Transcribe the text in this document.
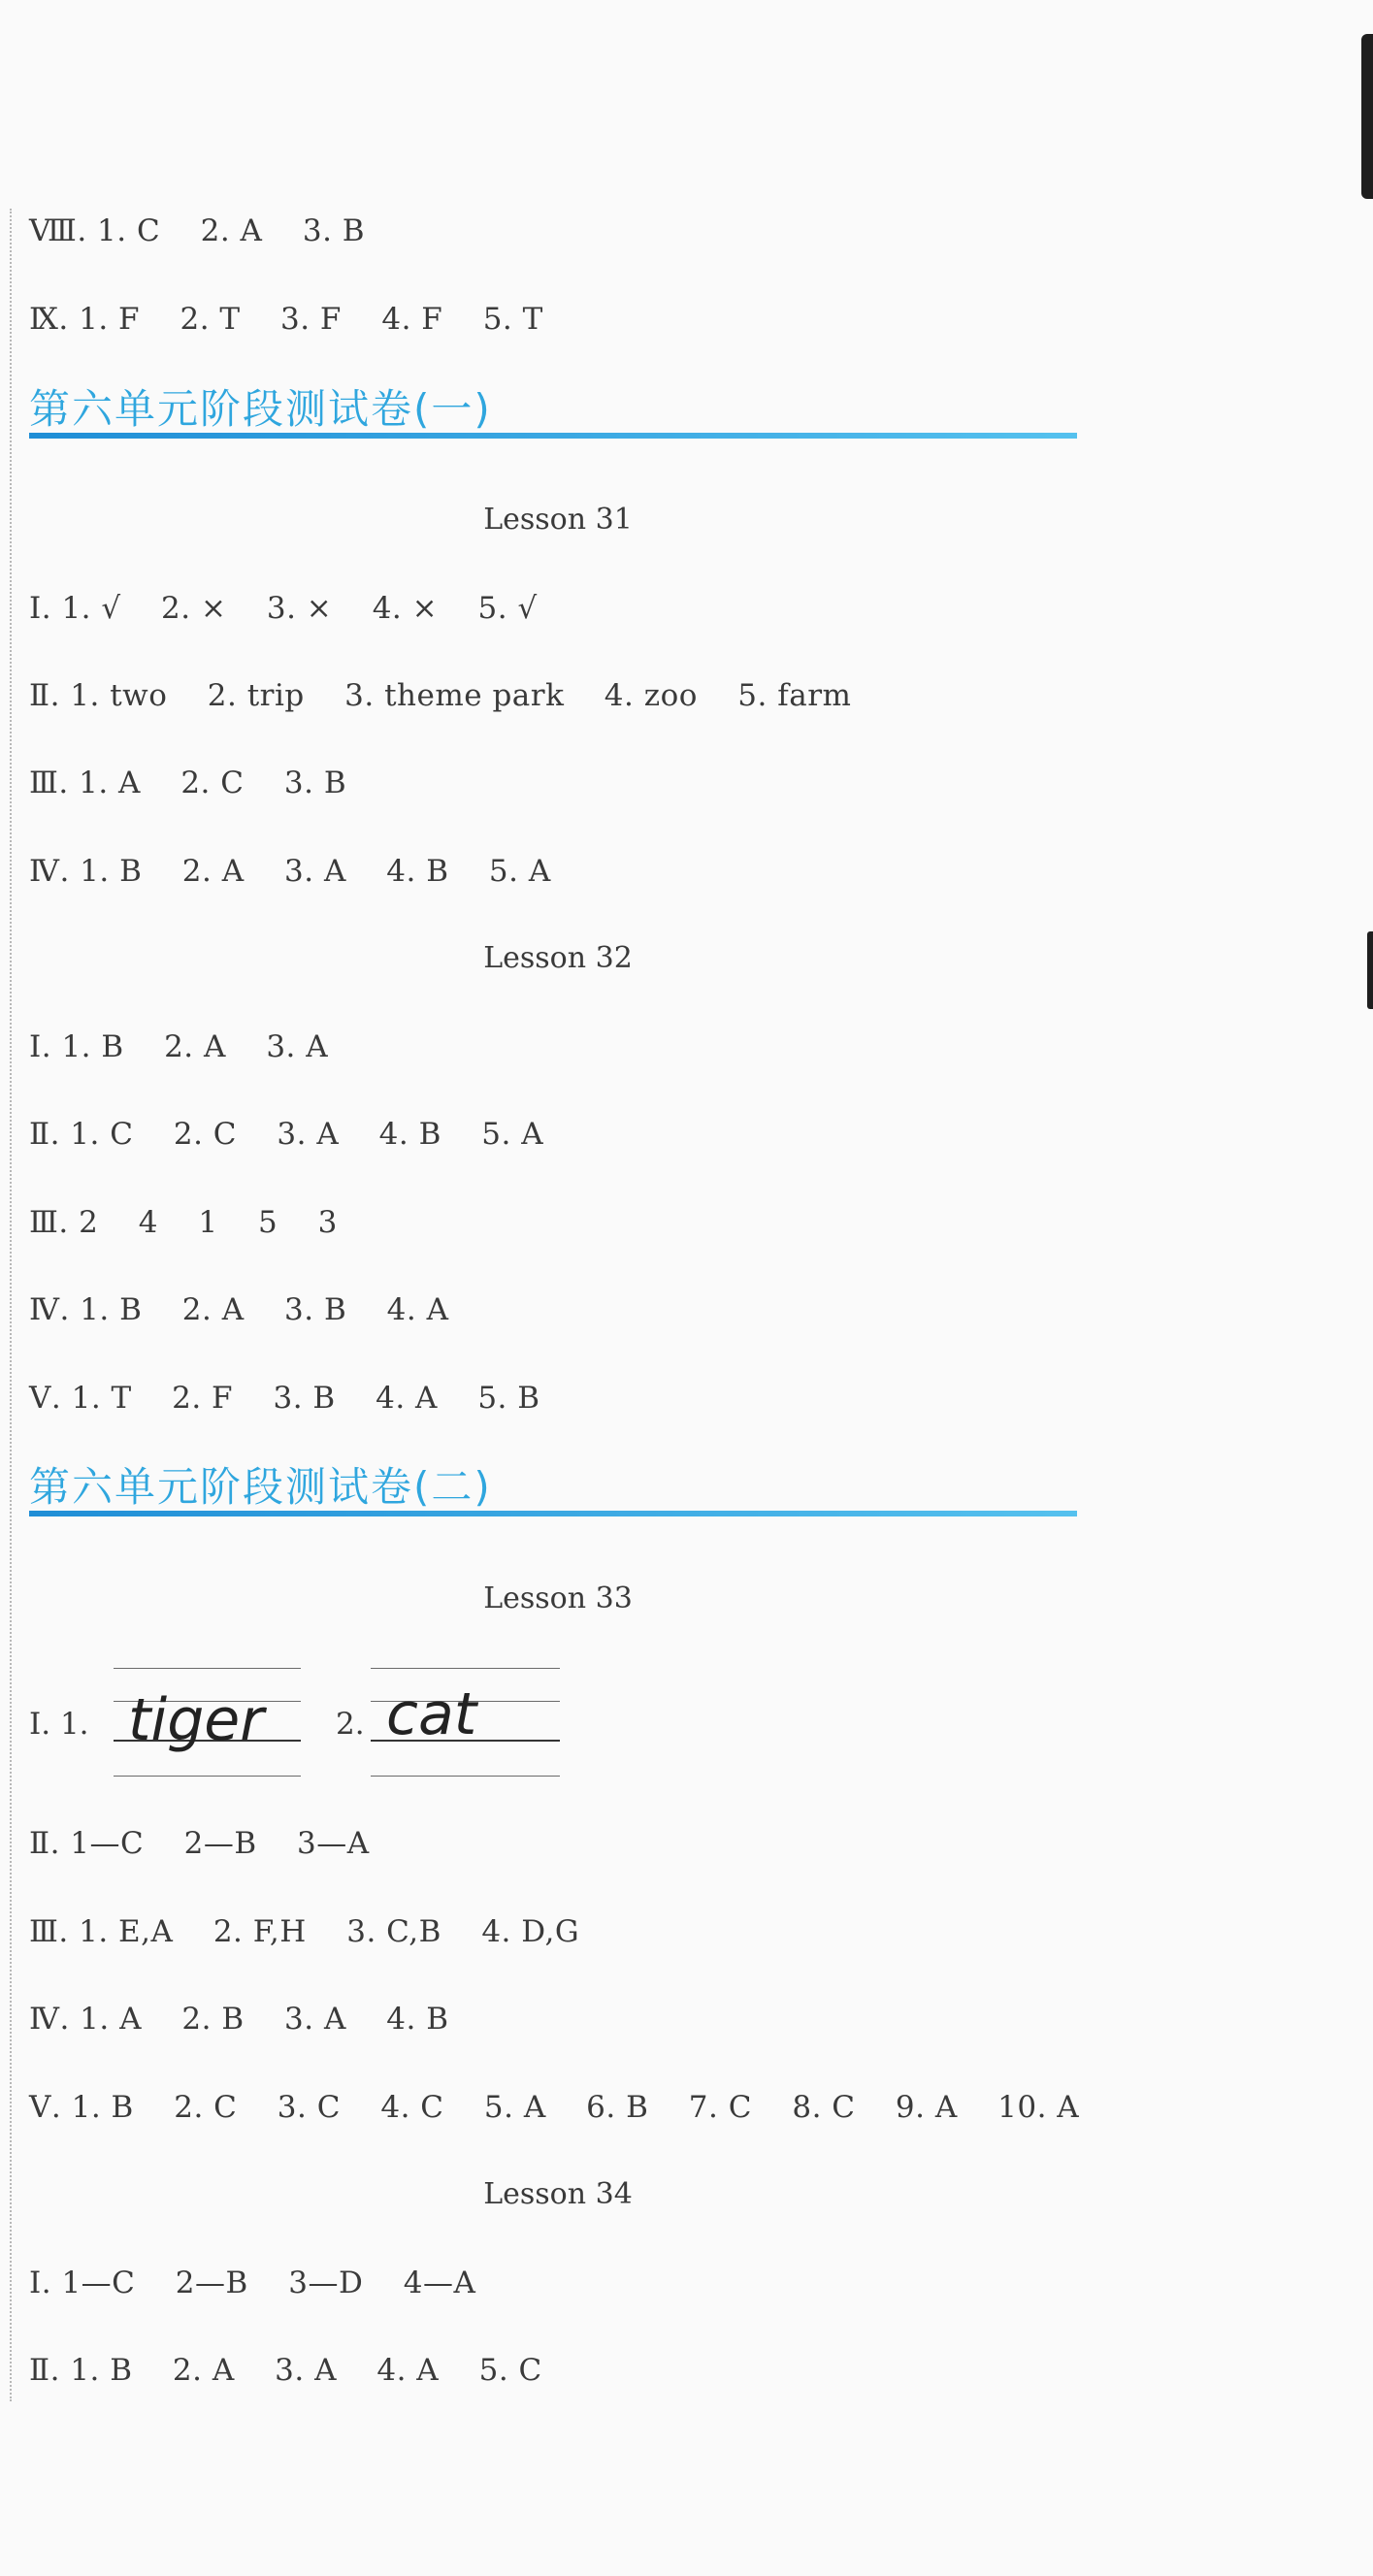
Ⅷ. 1. C    2. A    3. B
Ⅸ. 1. F    2. T    3. F    4. F    5. T
第六单元阶段测试卷(一)
Lesson 31
Ⅰ. 1. √    2. ×    3. ×    4. ×    5. √
Ⅱ. 1. two    2. trip    3. theme park    4. zoo    5. farm
Ⅲ. 1. A    2. C    3. B
Ⅳ. 1. B    2. A    3. A    4. B    5. A
Lesson 32
Ⅰ. 1. B    2. A    3. A
Ⅱ. 1. C    2. C    3. A    4. B    5. A
Ⅲ. 2    4    1    5    3
Ⅳ. 1. B    2. A    3. B    4. A
Ⅴ. 1. T    2. F    3. B    4. A    5. B
第六单元阶段测试卷(二)
Lesson 33
Ⅰ. 1. tiger 2. cat
Ⅱ. 1—C    2—B    3—A
Ⅲ. 1. E,A    2. F,H    3. C,B    4. D,G
Ⅳ. 1. A    2. B    3. A    4. B
Ⅴ. 1. B    2. C    3. C    4. C    5. A    6. B    7. C    8. C    9. A    10. A
Lesson 34
Ⅰ. 1—C    2—B    3—D    4—A
Ⅱ. 1. B    2. A    3. A    4. A    5. C
